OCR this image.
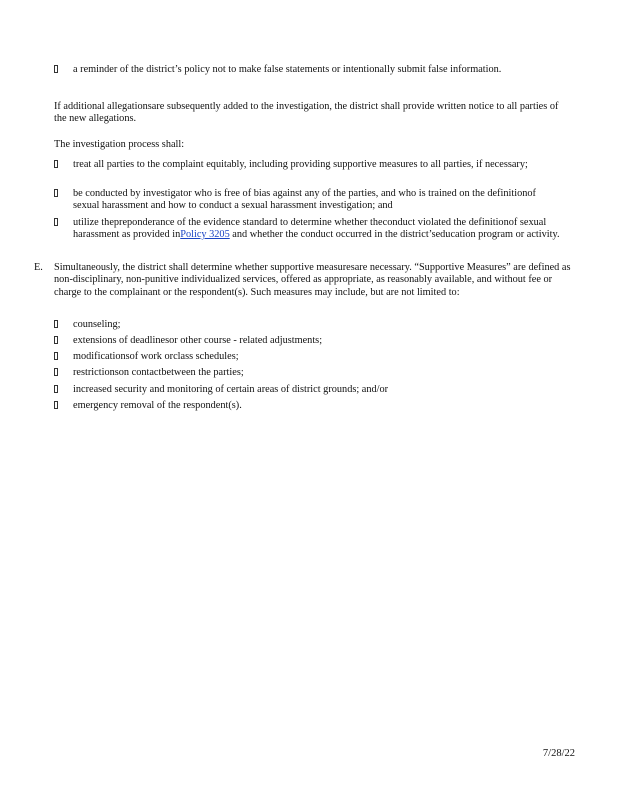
a reminder of the district’s policy not to make false statements or intentionally submit false information.
If additional allegationsare subsequently added to the investigation, the district shall provide written notice to all parties of the new allegations.
The investigation process shall:
treat all parties to the complaint equitably, including providing supportive measures to all parties, if necessary;
be conducted by investigator who is free of bias against any of the parties, and who is trained on the definitionof sexual harassment and how to conduct a sexual harassment investigation; and
utilize thepreponderance of the evidence standard to determine whether theconduct violated the definitionof sexual harassment as provided inPolicy 3205 and whether the conduct occurred in the district’seducation program or activity.
E. Simultaneously, the district shall determine whether supportive measuresare necessary. “Supportive Measures” are defined as non-disciplinary, non-punitive individualized services, offered as appropriate, as reasonably available, and without fee or charge to the complainant or the respondent(s). Such measures may include, but are not limited to:
counseling;
extensions of deadlinesor other course - related adjustments;
modificationsof work orclass schedules;
restrictionson contactbetween the parties;
increased security and monitoring of certain areas of district grounds; and/or
emergency removal of the respondent(s).
7/28/22
